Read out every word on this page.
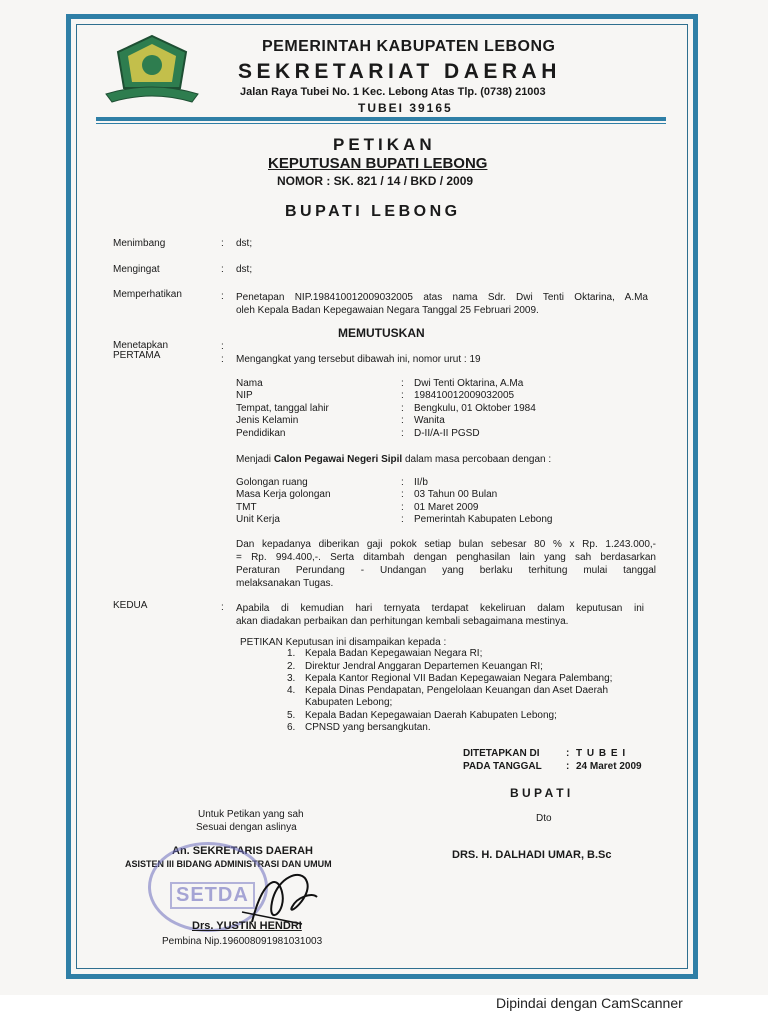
PEMERINTAH KABUPATEN LEBONG
SEKRETARIAT DAERAH
Jalan Raya Tubei No. 1 Kec. Lebong Atas Tlp. (0738) 21003
TUBEI 39165
PETIKAN
KEPUTUSAN BUPATI LEBONG
NOMOR : SK. 821 / 14 / BKD / 2009
BUPATI LEBONG
Menimbang	: dst;
Mengingat	: dst;
Memperhatikan	: Penetapan NIP.198410012009032005 atas nama Sdr. Dwi Tenti Oktarina, A.Ma
oleh Kepala Badan Kepegawaian Negara Tanggal 25 Februari 2009.
MEMUTUSKAN
Menetapkan	:
PERTAMA	: Mengangkat yang tersebut dibawah ini, nomor urut : 19
Nama	: Dwi Tenti Oktarina, A.Ma
NIP	: 198410012009032005
Tempat, tanggal lahir	: Bengkulu, 01 Oktober 1984
Jenis Kelamin	: Wanita
Pendidikan	: D-II/A-II PGSD
Menjadi Calon Pegawai Negeri Sipil dalam masa percobaan dengan :
Golongan ruang	: II/b
Masa Kerja golongan	: 03 Tahun 00 Bulan
TMT	: 01 Maret 2009
Unit Kerja	: Pemerintah Kabupaten Lebong
Dan kepadanya diberikan gaji pokok setiap bulan sebesar 80 % x Rp. 1.243.000,-
= Rp. 994.400,-. Serta ditambah dengan penghasilan lain yang sah berdasarkan
Peraturan Perundang - Undangan yang berlaku terhitung mulai tanggal
melaksanakan Tugas.
KEDUA	: Apabila di kemudian hari ternyata terdapat kekeliruan dalam keputusan ini
akan diadakan perbaikan dan perhitungan kembali sebagaimana mestinya.
PETIKAN Keputusan ini disampaikan kepada :
1. Kepala Badan Kepegawaian Negara RI;
2. Direktur Jendral Anggaran Departemen Keuangan RI;
3. Kepala Kantor Regional VII Badan Kepegawaian Negara Palembang;
4. Kepala Dinas Pendapatan, Pengelolaan Keuangan dan Aset Daerah
Kabupaten Lebong;
5. Kepala Badan Kepegawaian Daerah Kabupaten Lebong;
6. CPNSD yang bersangkutan.
DITETAPKAN DI	: T U B E I
PADA TANGGAL : 24 Maret 2009
B U P A T I
Dto
DRS. H. DALHADI UMAR, B.Sc
Untuk Petikan yang sah
Sesuai dengan aslinya
An. SEKRETARIS DAERAH
ASISTEN III BIDANG ADMINISTRASI DAN UMUM
SETDA
Drs. YUSTIN HENDRI
Pembina Nip.196008091981031003
Dipindai dengan CamScanner
